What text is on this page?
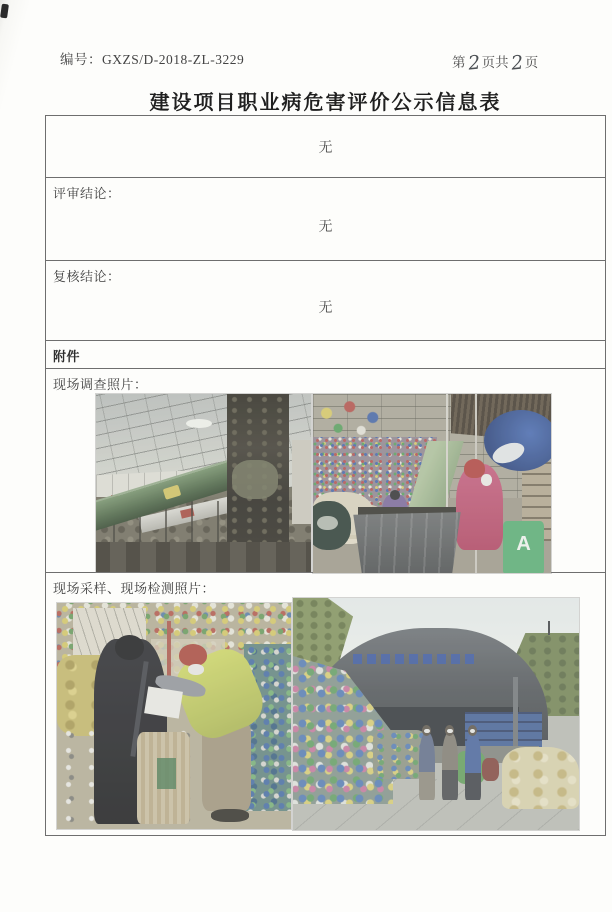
编号：GXZS/D-2018-ZL-3229	第2页共2页
建设项目职业病危害评价公示信息表
无
评审结论：
无
复核结论：
无
附件
现场调查照片：
A
现场采样、现场检测照片：
